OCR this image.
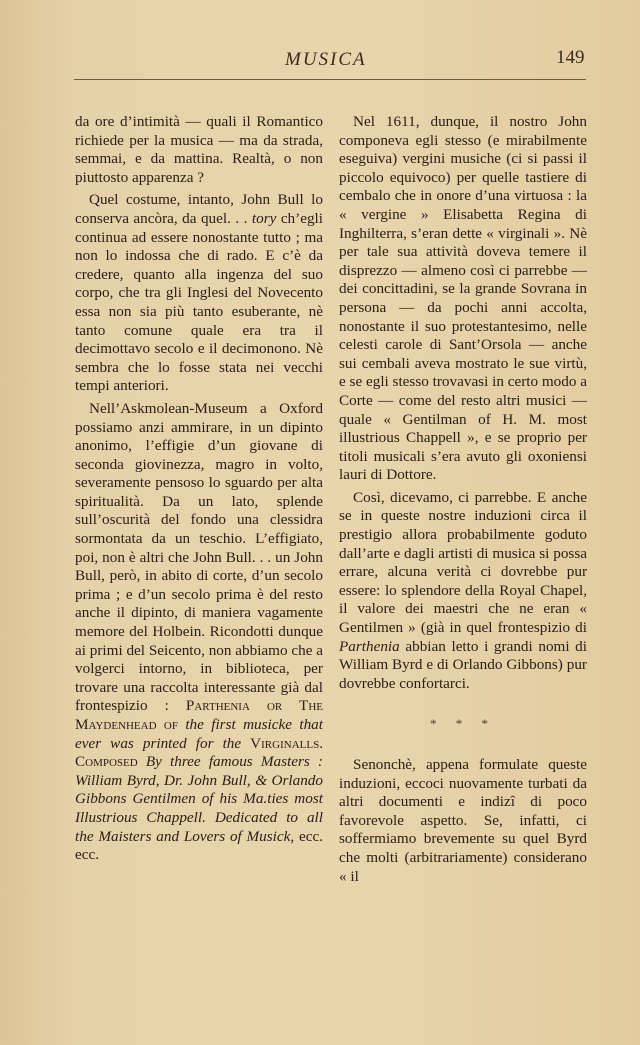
MUSICA	149

da ore d’intimità — quali il Romantico richiede per la musica — ma da strada, semmai, e da mattina. Realtà, o non piuttosto apparenza ?

Quel costume, intanto, John Bull lo conserva ancòra, da quel. . . tory ch’egli continua ad essere nonostante tutto ; ma non lo indossa che di rado. E c’è da credere, quanto alla ingenza del suo corpo, che tra gli Inglesi del Novecento essa non sia più tanto esuberante, nè tanto comune quale era tra il decimottavo secolo e il decimonono. Nè sembra che lo fosse stata nei vecchi tempi anteriori.

Nell’Askmolean-Museum a Oxford possiamo anzi ammirare, in un dipinto anonimo, l’effigie d’un giovane di seconda giovinezza, magro in volto, severamente pensoso lo sguardo per alta spiritualità. Da un lato, splende sull’oscurità del fondo una clessidra sormontata da un teschio. L’effigiato, poi, non è altri che John Bull. . . un John Bull, però, in abito di corte, d’un secolo prima ; e d’un secolo prima è del resto anche il dipinto, di maniera vagamente memore del Holbein. Ricondotti dunque ai primi del Seicento, non abbiamo che a volgerci intorno, in biblioteca, per trovare una raccolta interessante già dal frontespizio : Parthenia or The Maydenhead of the first musicke that ever was printed for the Virginalls. Composed By three famous Masters : William Byrd, Dr. John Bull, & Orlando Gibbons Gentilmen of his Ma.ties most Illustrious Chappell. Dedicated to all the Maisters and Lovers of Musick, ecc. ecc.

Nel 1611, dunque, il nostro John componeva egli stesso (e mirabilmente eseguiva) vergini musiche (ci si passi il piccolo equivoco) per quelle tastiere di cembalo che in onore d’una virtuosa : la « vergine » Elisabetta Regina di Inghilterra, s’eran dette « virginali ». Nè per tale sua attività doveva temere il disprezzo — almeno così ci parrebbe — dei concittadini, se la grande Sovrana in persona — da pochi anni accolta, nonostante il suo protestantesimo, nelle celesti carole di Sant’Orsola — anche sui cembali aveva mostrato le sue virtù, e se egli stesso trovavasi in certo modo a Corte — come del resto altri musici — quale « Gentilman of H. M. most illustrious Chappell », e se proprio per titoli musicali s’era avuto gli oxoniensi lauri di Dottore.

Così, dicevamo, ci parrebbe. E anche se in queste nostre induzioni circa il prestigio allora probabilmente goduto dall’arte e dagli artisti di musica si possa errare, alcuna verità ci dovrebbe pur essere: lo splendore della Royal Chapel, il valore dei maestri che ne eran « Gentilmen » (già in quel frontespizio di Parthenia abbian letto i grandi nomi di William Byrd e di Orlando Gibbons) pur dovrebbe confortarci.

* * *

Senonchè, appena formulate queste induzioni, eccoci nuovamente turbati da altri documenti e indizî di poco favorevole aspetto. Se, infatti, ci soffermiamo brevemente su quel Byrd che molti (arbitrariamente) considerano « il
